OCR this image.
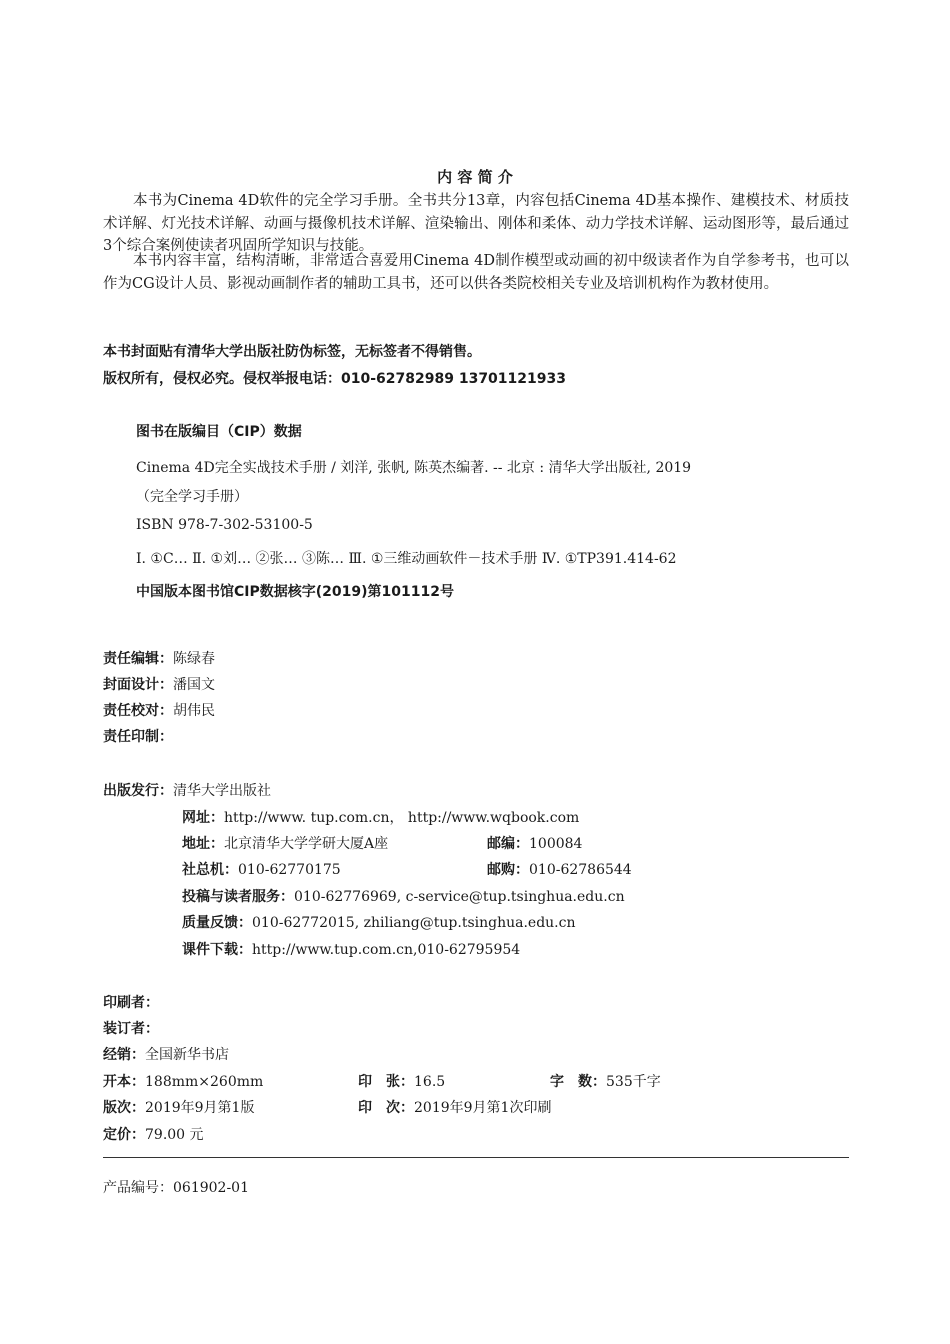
内 容 简 介
本书为Cinema 4D软件的完全学习手册。全书共分13章，内容包括Cinema 4D基本操作、建模技术、材质技术详解、灯光技术详解、动画与摄像机技术详解、渲染输出、刚体和柔体、动力学技术详解、运动图形等，最后通过3个综合案例使读者巩固所学知识与技能。
本书内容丰富，结构清晰，非常适合喜爱用Cinema 4D制作模型或动画的初中级读者作为自学参考书，也可以作为CG设计人员、影视动画制作者的辅助工具书，还可以供各类院校相关专业及培训机构作为教材使用。
本书封面贴有清华大学出版社防伪标签，无标签者不得销售。
版权所有，侵权必究。侵权举报电话：010-62782989 13701121933
图书在版编目（CIP）数据
Cinema 4D完全实战技术手册 / 刘洋, 张帆, 陈英杰编著. -- 北京 : 清华大学出版社, 2019
（完全学习手册）
ISBN 978-7-302-53100-5
Ⅰ. ①C… Ⅱ. ①刘… ②张… ③陈… Ⅲ. ①三维动画软件－技术手册 Ⅳ. ①TP391.414-62
中国版本图书馆CIP数据核字(2019)第101112号
责任编辑：陈绿春
封面设计：潘国文
责任校对：胡伟民
责任印制：
出版发行：清华大学出版社
网址：http://www. tup.com.cn， http://www.wqbook.com
地址：北京清华大学学研大厦A座	邮编：100084
社总机：010-62770175	邮购：010-62786544
投稿与读者服务：010-62776969, c-service@tup.tsinghua.edu.cn
质量反馈：010-62772015, zhiliang@tup.tsinghua.edu.cn
课件下载：http://www.tup.com.cn,010-62795954
印刷者：
装订者：
经销：全国新华书店
开本：188mm×260mm	印　张：16.5	字　数：535千字
版次：2019年9月第1版	印　次：2019年9月第1次印刷
定价：79.00 元
产品编号：061902-01
